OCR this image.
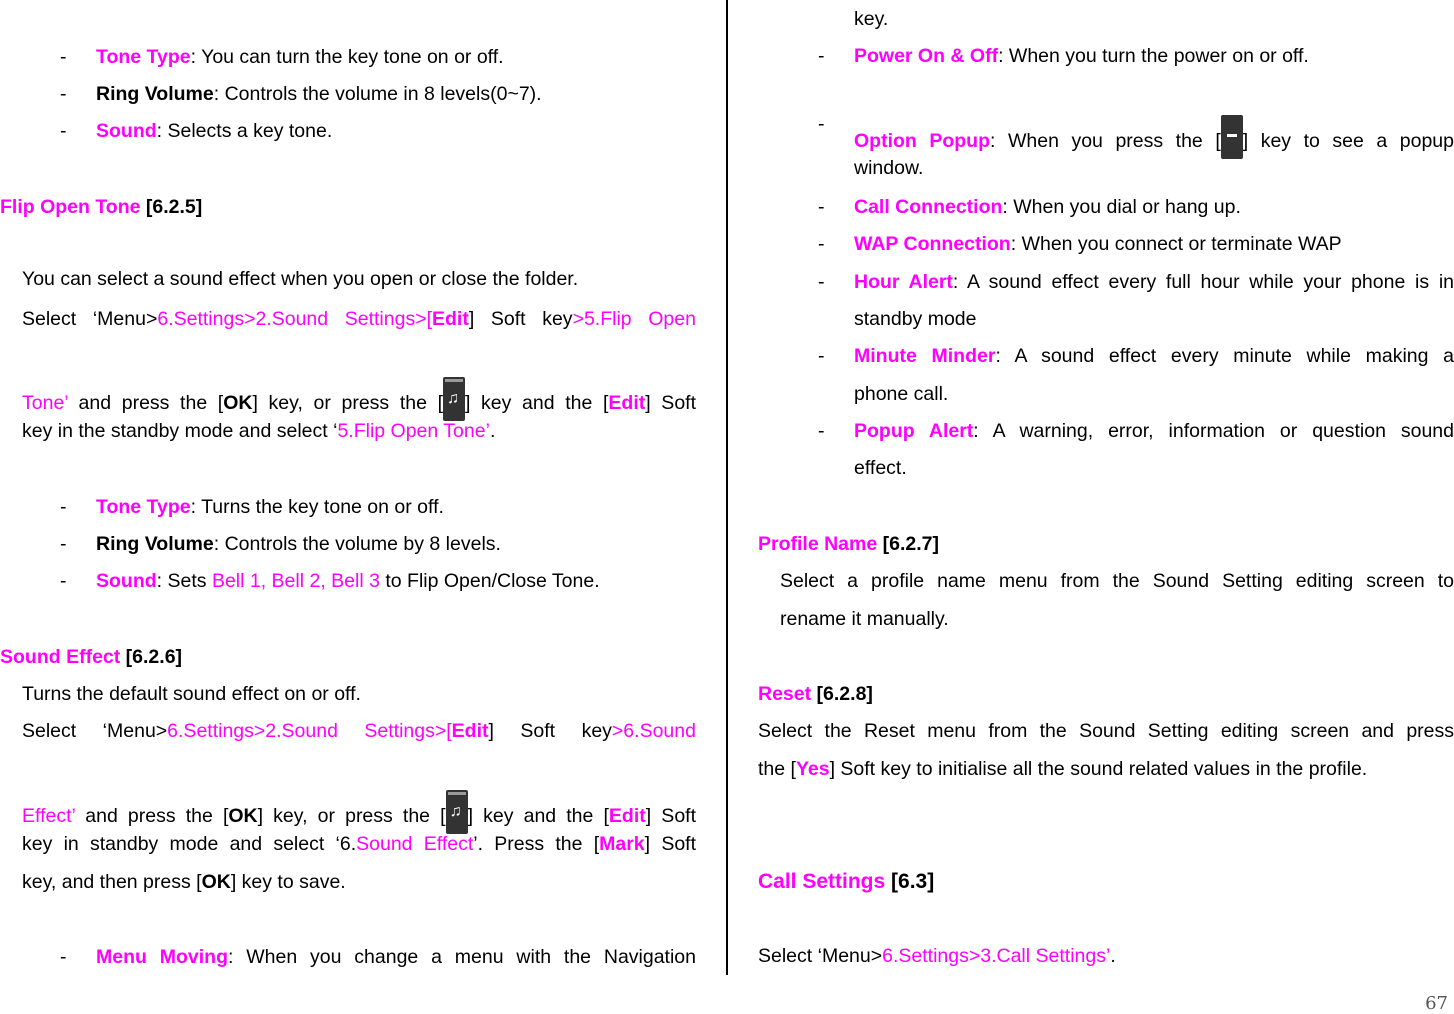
- Tone Type: You can turn the key tone on or off.
- Ring Volume: Controls the volume in 8 levels(0~7).
- Sound: Selects a key tone.
Flip Open Tone [6.2.5]
You can select a sound effect when you open or close the folder.
Select ‘Menu>6.Settings>2.Sound Settings>[Edit] Soft key>5.Flip Open
Tone’ and press the [OK] key, or press the [ ♫ ] key and the [Edit] Soft
key in the standby mode and select ‘5.Flip Open Tone’.
- Tone Type: Turns the key tone on or off.
- Ring Volume: Controls the volume by 8 levels.
- Sound: Sets Bell 1, Bell 2, Bell 3 to Flip Open/Close Tone.
Sound Effect [6.2.6]
Turns the default sound effect on or off.
Select ‘Menu>6.Settings>2.Sound Settings>[Edit] Soft key>6.Sound
Effect’ and press the [OK] key, or press the [ ♫ ] key and the [Edit] Soft
key in standby mode and select ‘6.Sound Effect’. Press the [Mark] Soft
key, and then press [OK] key to save.
- Menu Moving: When you change a menu with the Navigation
key.
- Power On & Off: When you turn the power on or off.
-
Option Popup: When you press the [ ] key to see a popup
window.
- Call Connection: When you dial or hang up.
- WAP Connection: When you connect or terminate WAP
- Hour Alert: A sound effect every full hour while your phone is in
standby mode
- Minute Minder: A sound effect every minute while making a
phone call.
- Popup Alert: A warning, error, information or question sound
effect.
Profile Name [6.2.7]
Select a profile name menu from the Sound Setting editing screen to
rename it manually.
Reset [6.2.8]
Select the Reset menu from the Sound Setting editing screen and press
the [Yes] Soft key to initialise all the sound related values in the profile.
Call Settings [6.3]
Select ‘Menu>6.Settings>3.Call Settings’.
67
